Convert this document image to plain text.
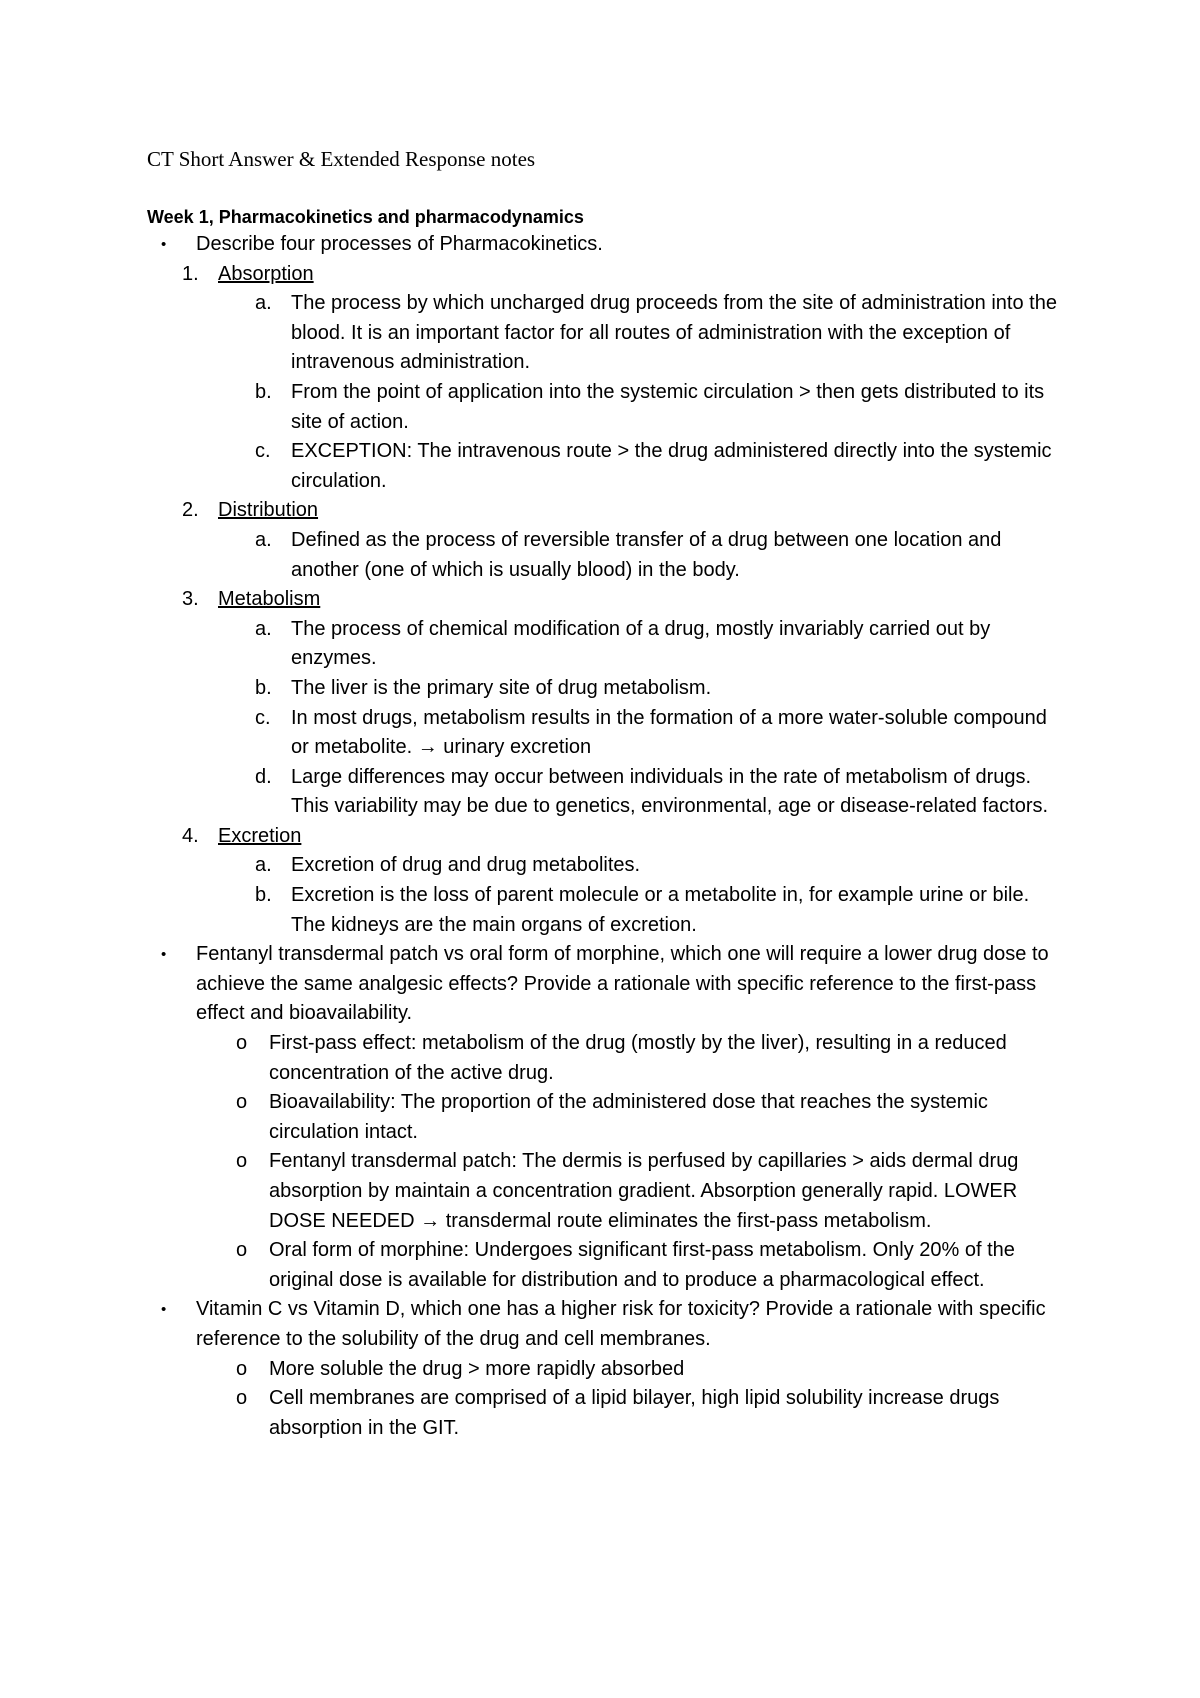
CT Short Answer & Extended Response notes
Week 1, Pharmacokinetics and pharmacodynamics
• Describe four processes of Pharmacokinetics.
1. Absorption
a. The process by which uncharged drug proceeds from the site of administration into the blood. It is an important factor for all routes of administration with the exception of intravenous administration.
b. From the point of application into the systemic circulation > then gets distributed to its site of action.
c. EXCEPTION: The intravenous route > the drug administered directly into the systemic circulation.
2. Distribution
a. Defined as the process of reversible transfer of a drug between one location and another (one of which is usually blood) in the body.
3. Metabolism
a. The process of chemical modification of a drug, mostly invariably carried out by enzymes.
b. The liver is the primary site of drug metabolism.
c. In most drugs, metabolism results in the formation of a more water-soluble compound or metabolite. → urinary excretion
d. Large differences may occur between individuals in the rate of metabolism of drugs. This variability may be due to genetics, environmental, age or disease-related factors.
4. Excretion
a. Excretion of drug and drug metabolites.
b. Excretion is the loss of parent molecule or a metabolite in, for example urine or bile. The kidneys are the main organs of excretion.
• Fentanyl transdermal patch vs oral form of morphine, which one will require a lower drug dose to achieve the same analgesic effects? Provide a rationale with specific reference to the first-pass effect and bioavailability.
o First-pass effect: metabolism of the drug (mostly by the liver), resulting in a reduced concentration of the active drug.
o Bioavailability: The proportion of the administered dose that reaches the systemic circulation intact.
o Fentanyl transdermal patch: The dermis is perfused by capillaries > aids dermal drug absorption by maintain a concentration gradient. Absorption generally rapid. LOWER DOSE NEEDED → transdermal route eliminates the first-pass metabolism.
o Oral form of morphine: Undergoes significant first-pass metabolism. Only 20% of the original dose is available for distribution and to produce a pharmacological effect.
• Vitamin C vs Vitamin D, which one has a higher risk for toxicity? Provide a rationale with specific reference to the solubility of the drug and cell membranes.
o More soluble the drug > more rapidly absorbed
o Cell membranes are comprised of a lipid bilayer, high lipid solubility increase drugs absorption in the GIT.
